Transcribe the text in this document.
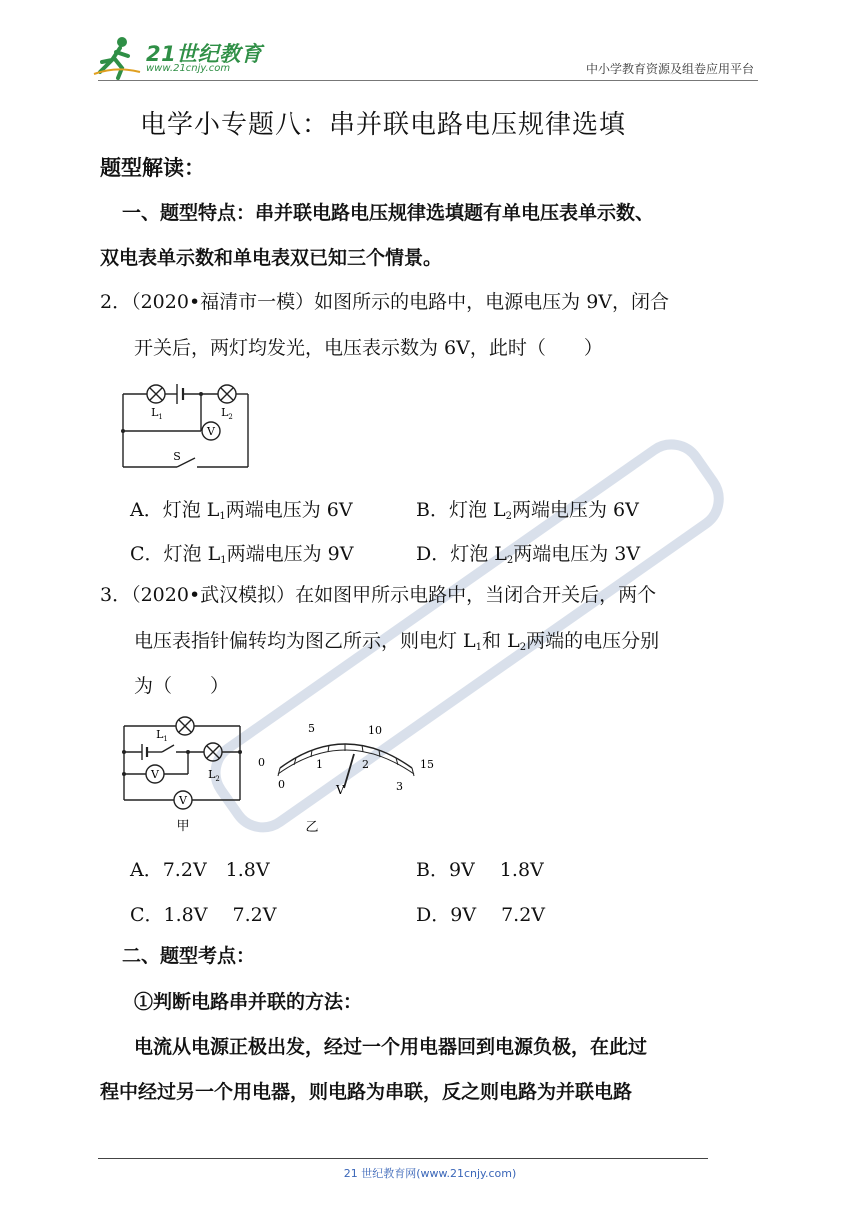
21世纪教育
www.21cnjy.com	中小学教育资源及组卷应用平台
电学小专题八：串并联电路电压规律选填
题型解读：
一、题型特点：串并联电路电压规律选填题有单电压表单示数、
双电表单示数和单电表双已知三个情景。
2．（2020•福清市一模）如图所示的电路中，电源电压为 9V，闭合
开关后，两灯均发光，电压表示数为 6V，此时（　　）
$L_1$	$L_2$
V
S
A．灯泡 $L_1$两端电压为 6V	B．灯泡 $L_2$两端电压为 6V
C．灯泡 $L_1$两端电压为 9V	D．灯泡 $L_2$两端电压为 3V
3．（2020•武汉模拟）在如图甲所示电路中，当闭合开关后，两个
电压表指针偏转均为图乙所示，则电灯 $L_1$和 $L_2$两端的电压分别
为（　　）
$L_1$
$L_2$
V
V
甲
0
5	10
15
0
1	2
3
V
乙
A．7.2V　1.8V	B．9V　 1.8V
C．1.8V　 7.2V	D．9V　 7.2V
二、题型考点：
①判断电路串并联的方法：
电流从电源正极出发，经过一个用电器回到电源负极，在此过
程中经过另一个用电器，则电路为串联，反之则电路为并联电路
21 世纪教育网(www.21cnjy.com)
